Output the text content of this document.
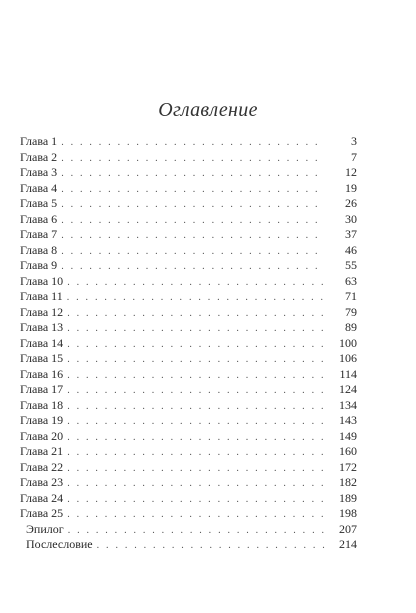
Оглавление
Глава 1 . . .	3
Глава 2 . . .	7
Глава 3 . . .	12
Глава 4 . . .	19
Глава 5 . . .	26
Глава 6 . . .	30
Глава 7 . . .	37
Глава 8 . . .	46
Глава 9 . . .	55
Глава 10 . . .	63
Глава 11 . . .	71
Глава 12 . . .	79
Глава 13 . . .	89
Глава 14 . . .	100
Глава 15 . . .	106
Глава 16 . . .	114
Глава 17 . . .	124
Глава 18 . . .	134
Глава 19 . . .	143
Глава 20 . . .	149
Глава 21 . . .	160
Глава 22 . . .	172
Глава 23 . . .	182
Глава 24 . . .	189
Глава 25 . . .	198
Эпилог . . .	207
Послесловие . . .	214
